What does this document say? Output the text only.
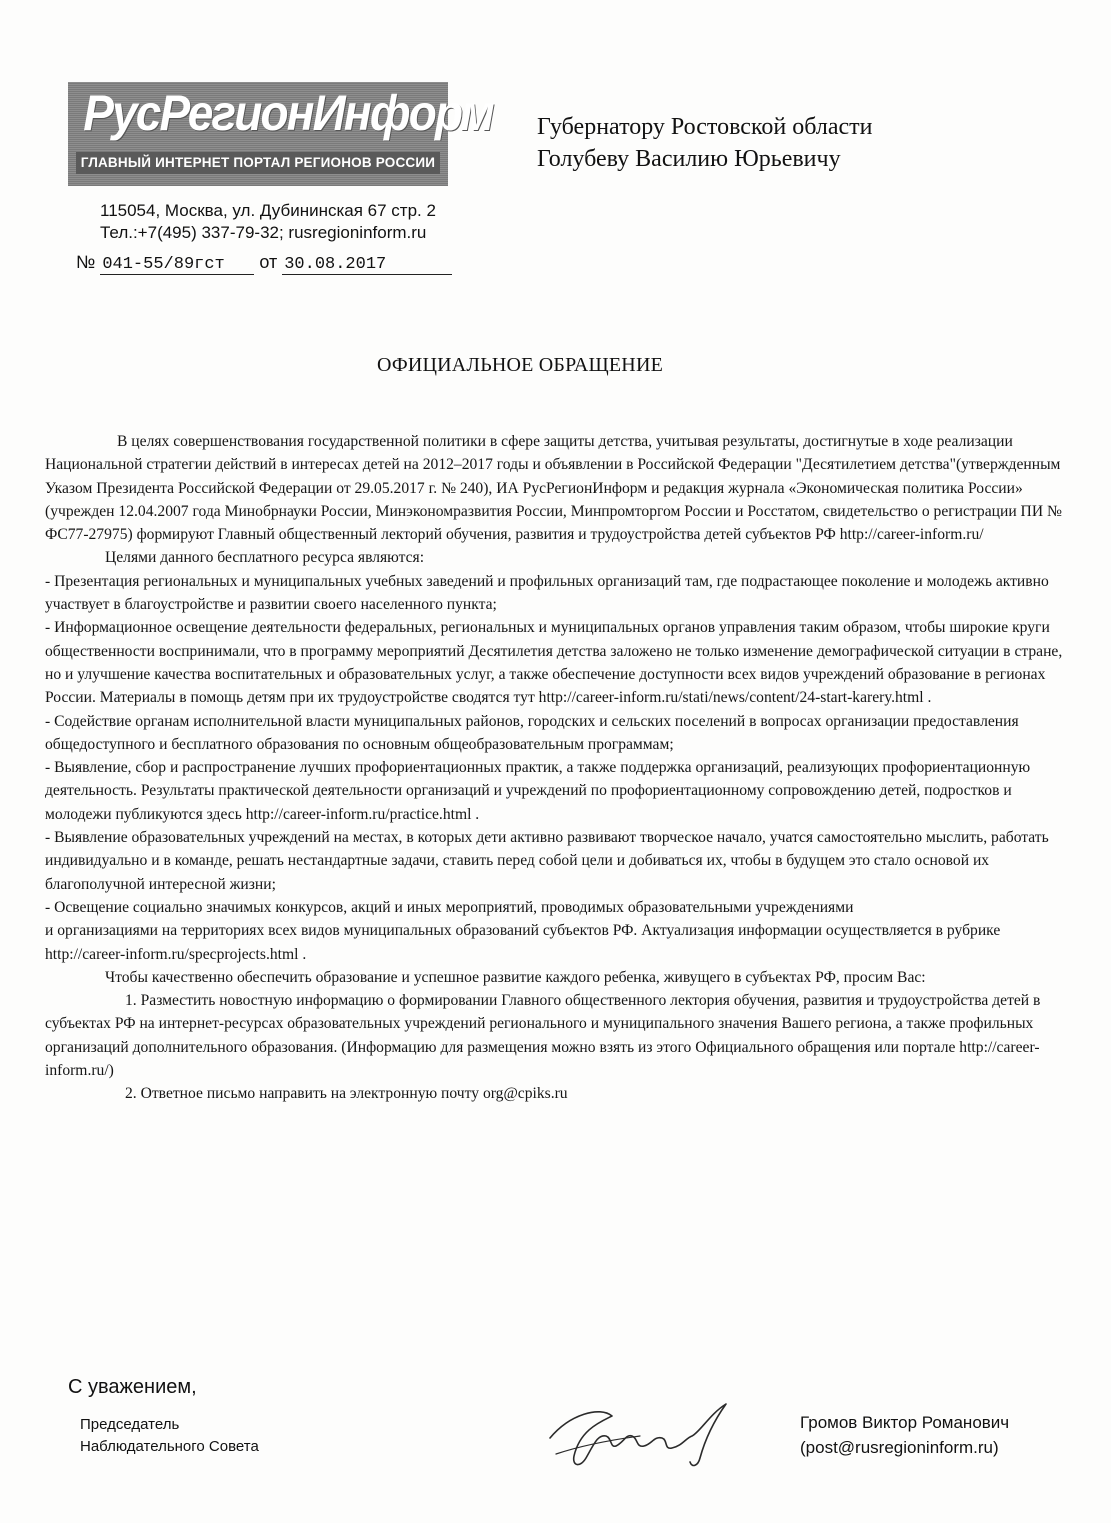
РусРегионИнформ
ГЛАВНЫЙ ИНТЕРНЕТ ПОРТАЛ РЕГИОНОВ РОССИИ
115054, Москва, ул. Дубининская 67 стр. 2
Тел.:+7(495) 337-79-32; rusregioninform.ru
№ 041-55/89гст от 30.08.2017
Губернатору Ростовской области
Голубеву Василию Юрьевичу
ОФИЦИАЛЬНОЕ ОБРАЩЕНИЕ

В целях совершенствования государственной политики в сфере защиты детства, учитывая результаты, достигнутые в ходе реализации Национальной стратегии действий в интересах детей на 2012–2017 годы и объявлении в Российской Федерации "Десятилетием детства"(утвержденным Указом Президента Российской Федерации от 29.05.2017 г. № 240), ИА РусРегионИнформ и редакция журнала «Экономическая политика России» (учрежден 12.04.2007 года Минобрнауки России, Минэкономразвития России, Минпромторгом России и Росстатом, свидетельство о регистрации ПИ № ФС77-27975) формируют Главный общественный лекторий обучения, развития и трудоустройства детей субъектов РФ http://career-inform.ru/

Целями данного бесплатного ресурса являются:

- Презентация региональных и муниципальных учебных заведений и профильных организаций там, где подрастающее поколение и молодежь активно участвует в благоустройстве и развитии своего населенного пункта;

- Информационное освещение деятельности федеральных, региональных и муниципальных органов управления таким образом, чтобы широкие круги общественности воспринимали, что в программу мероприятий Десятилетия детства заложено не только изменение демографической ситуации в стране, но и улучшение качества воспитательных и образовательных услуг, а также обеспечение доступности всех видов учреждений образование в регионах России. Материалы в помощь детям при их трудоустройстве сводятся тут http://career-inform.ru/stati/news/content/24-start-karery.html .

- Содействие органам исполнительной власти муниципальных районов, городских и сельских поселений в вопросах организации предоставления общедоступного и бесплатного образования по основным общеобразовательным программам;

- Выявление, сбор и распространение лучших профориентационных практик, а также поддержка организаций, реализующих профориентационную деятельность. Результаты практической деятельности организаций и учреждений по профориентационному сопровождению детей, подростков и молодежи публикуются здесь http://career-inform.ru/practice.html .

- Выявление образовательных учреждений на местах, в которых дети активно развивают творческое начало, учатся самостоятельно мыслить, работать индивидуально и в команде, решать нестандартные задачи, ставить перед собой цели и добиваться их, чтобы в будущем это стало основой их благополучной интересной жизни;

- Освещение социально значимых конкурсов, акций и иных мероприятий, проводимых образовательными учреждениями

и организациями на территориях всех видов муниципальных образований субъектов РФ. Актуализация информации осуществляется в рубрике http://career-inform.ru/specprojects.html .

Чтобы качественно обеспечить образование и успешное развитие каждого ребенка, живущего в субъектах РФ, просим Вас:

1. Разместить новостную информацию о формировании Главного общественного лектория обучения, развития и трудоустройства детей в субъектах РФ на интернет-ресурсах образовательных учреждений регионального и муниципального значения Вашего региона, а также профильных организаций дополнительного образования. (Информацию для размещения можно взять из этого Официального обращения или портале http://career-inform.ru/)

2. Ответное письмо направить на электронную почту org@cpiks.ru

С уважением,
Председатель
Наблюдательного Совета
Громов Виктор Романович
(post@rusregioninform.ru)
